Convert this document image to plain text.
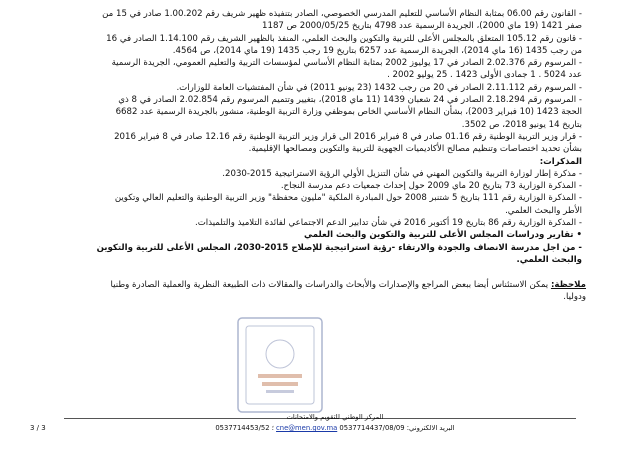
- القانون رقم 06.00 بمثابة النظام الأساسي للتعليم المدرسي الخصوصي، الصادر بتنفيذه ظهير شريف رقم 1.00.202 صادر في 15 من صفر 1421 (19 ماي 2000)، الجريدة الرسمية عدد 4798 بتاريخ 2000/05/25 ص 1187

- قانون رقم 105.12 المتعلق بالمجلس الأعلى للتربية والتكوين والبحث العلمي، المنفذ بالظهير الشريف رقم 1.14.100 الصادر في 16 من رجب 1435 (16 ماي 2014)، الجريدة الرسمية عدد 6257 بتاريخ 19 رجب 1435 (19 ماي 2014)، ص 4564.

- المرسوم رقم 2.02.376 الصادر في 17 يوليوز 2002 بمثابة النظام الأساسي لمؤسسات التربية والتعليم العمومي، الجريدة الرسمية عدد 5024 . 1 جمادى الأولى 1423 . 25 يوليو 2002 .

- المرسوم رقم 2.11.112 الصادر في 20 من رجب 1432 (23 يونيو 2011) في شأن المفتشيات العامة للوزارات.

- المرسوم رقم 2.18.294 الصادر في 24 شعبان 1439 (11 ماي 2018)، بتغيير وتتميم المرسوم رقم 2.02.854 الصادر في 8 ذي الحجة 1423 (10 فبراير 2003)، بشأن النظام الأساسي الخاص بموظفي وزارة التربية الوطنية، منشور بالجريدة الرسمية عدد 6682 بتاريخ 14 يونيو 2018، ص 3502.

- قرار وزير التربية الوطنية رقم 01.16 صادر في 8 فبراير 2016 الى قرار وزير التربية الوطنية رقم 12.16 صادر في 8 فبراير 2016 بشأن تحديد اختصاصات وتنظيم مصالح الأكاديميات الجهوية للتربية والتكوين ومصالحها الإقليمية.

المذكرات:

- مذكرة إطار لوزارة التربية والتكوين المهني في شأن التنزيل الأولي الرؤية الاستراتيجية 2015-2030.

- المذكرة الوزارية 73 بتاريخ 20 ماي 2009 حول إحداث جمعيات دعم مدرسة النجاح.

- المذكرة الوزارية رقم 111 بتاريخ 5 شتنبر 2008 حول المبادرة الملكية "مليون محفظة" وزير التربية الوطنية والتعليم العالي وتكوين الأطر والبحث العلمي.

- المذكرة الوزارية رقم 86 بتاريخ 19 أكتوبر 2016 في شأن تدابير الدعم الاجتماعي لفائدة التلاميذ والتلميذات.

• تقارير ودراسات المجلس الأعلى للتربية والتكوين والبحث العلمي

- من اجل مدرسة الانصاف والجودة والارتقاء -رؤية استراتيجية للإصلاح 2015-2030، المجلس الأعلى للتربية والتكوين والبحث العلمي.

ملاحظة: يمكن الاستئناس أيضا ببعض المراجع والإصدارات والأبحاث والدراسات والمقالات ذات الطبيعة النظرية والعملية الصادرة وطنيا ودوليا.
المركز الوطني للتقويم والامتحانات
البريد الالكتروني: cne@men.gov.ma 0537714437/08/09 ؛ 0537714453/52
3 / 3
